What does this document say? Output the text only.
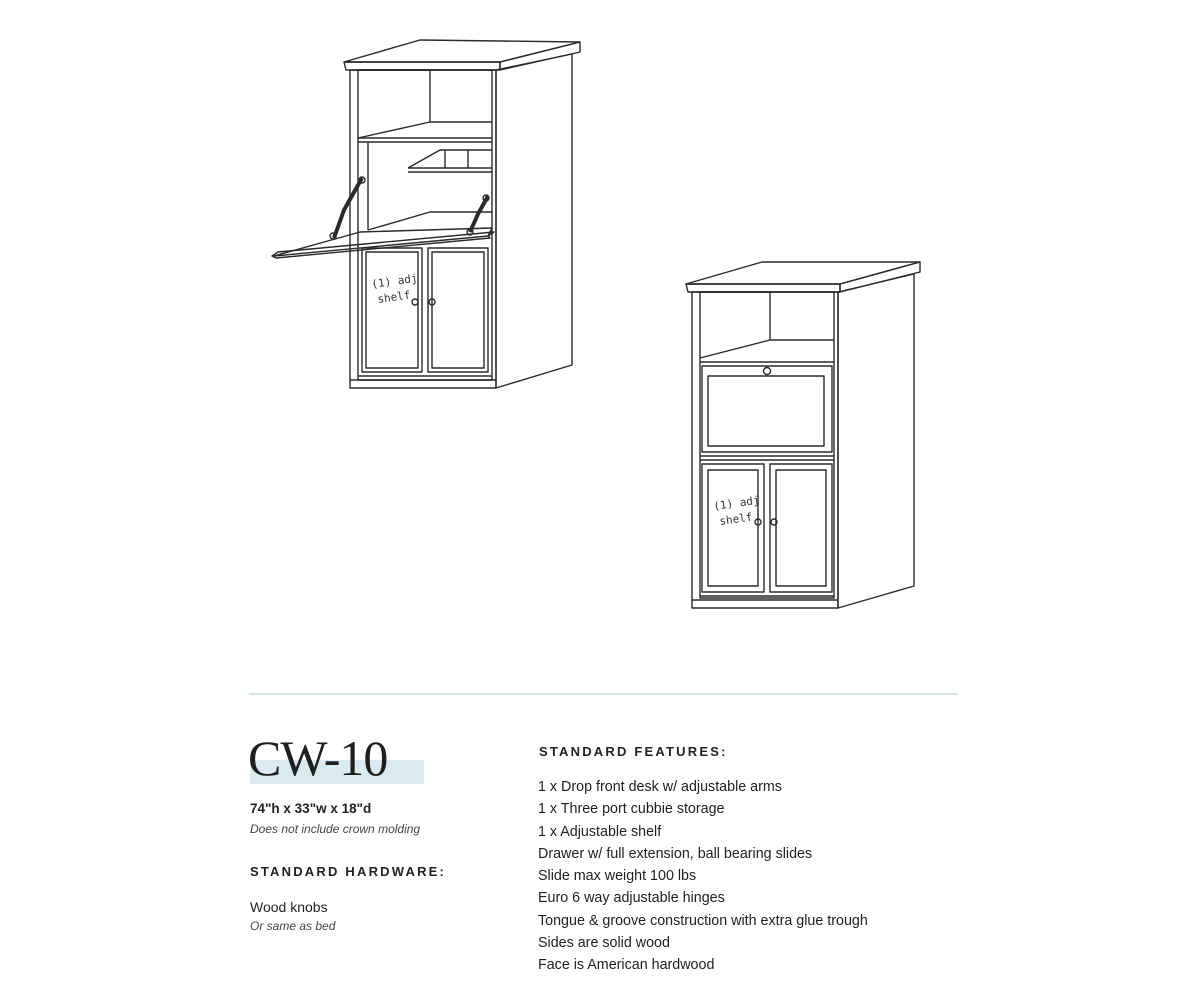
(1) adj
shelf
(1) adj
shelf
CW-10
74"h x 33"w x 18"d
Does not include crown molding
STANDARD HARDWARE:
Wood knobs
Or same as bed
STANDARD FEATURES:
1 x Drop front desk w/ adjustable arms
1 x Three port cubbie storage
1 x Adjustable shelf
Drawer w/ full extension, ball bearing slides
Slide max weight 100 lbs
Euro 6 way adjustable hinges
Tongue & groove construction with extra glue trough
Sides are solid wood
Face is American hardwood
